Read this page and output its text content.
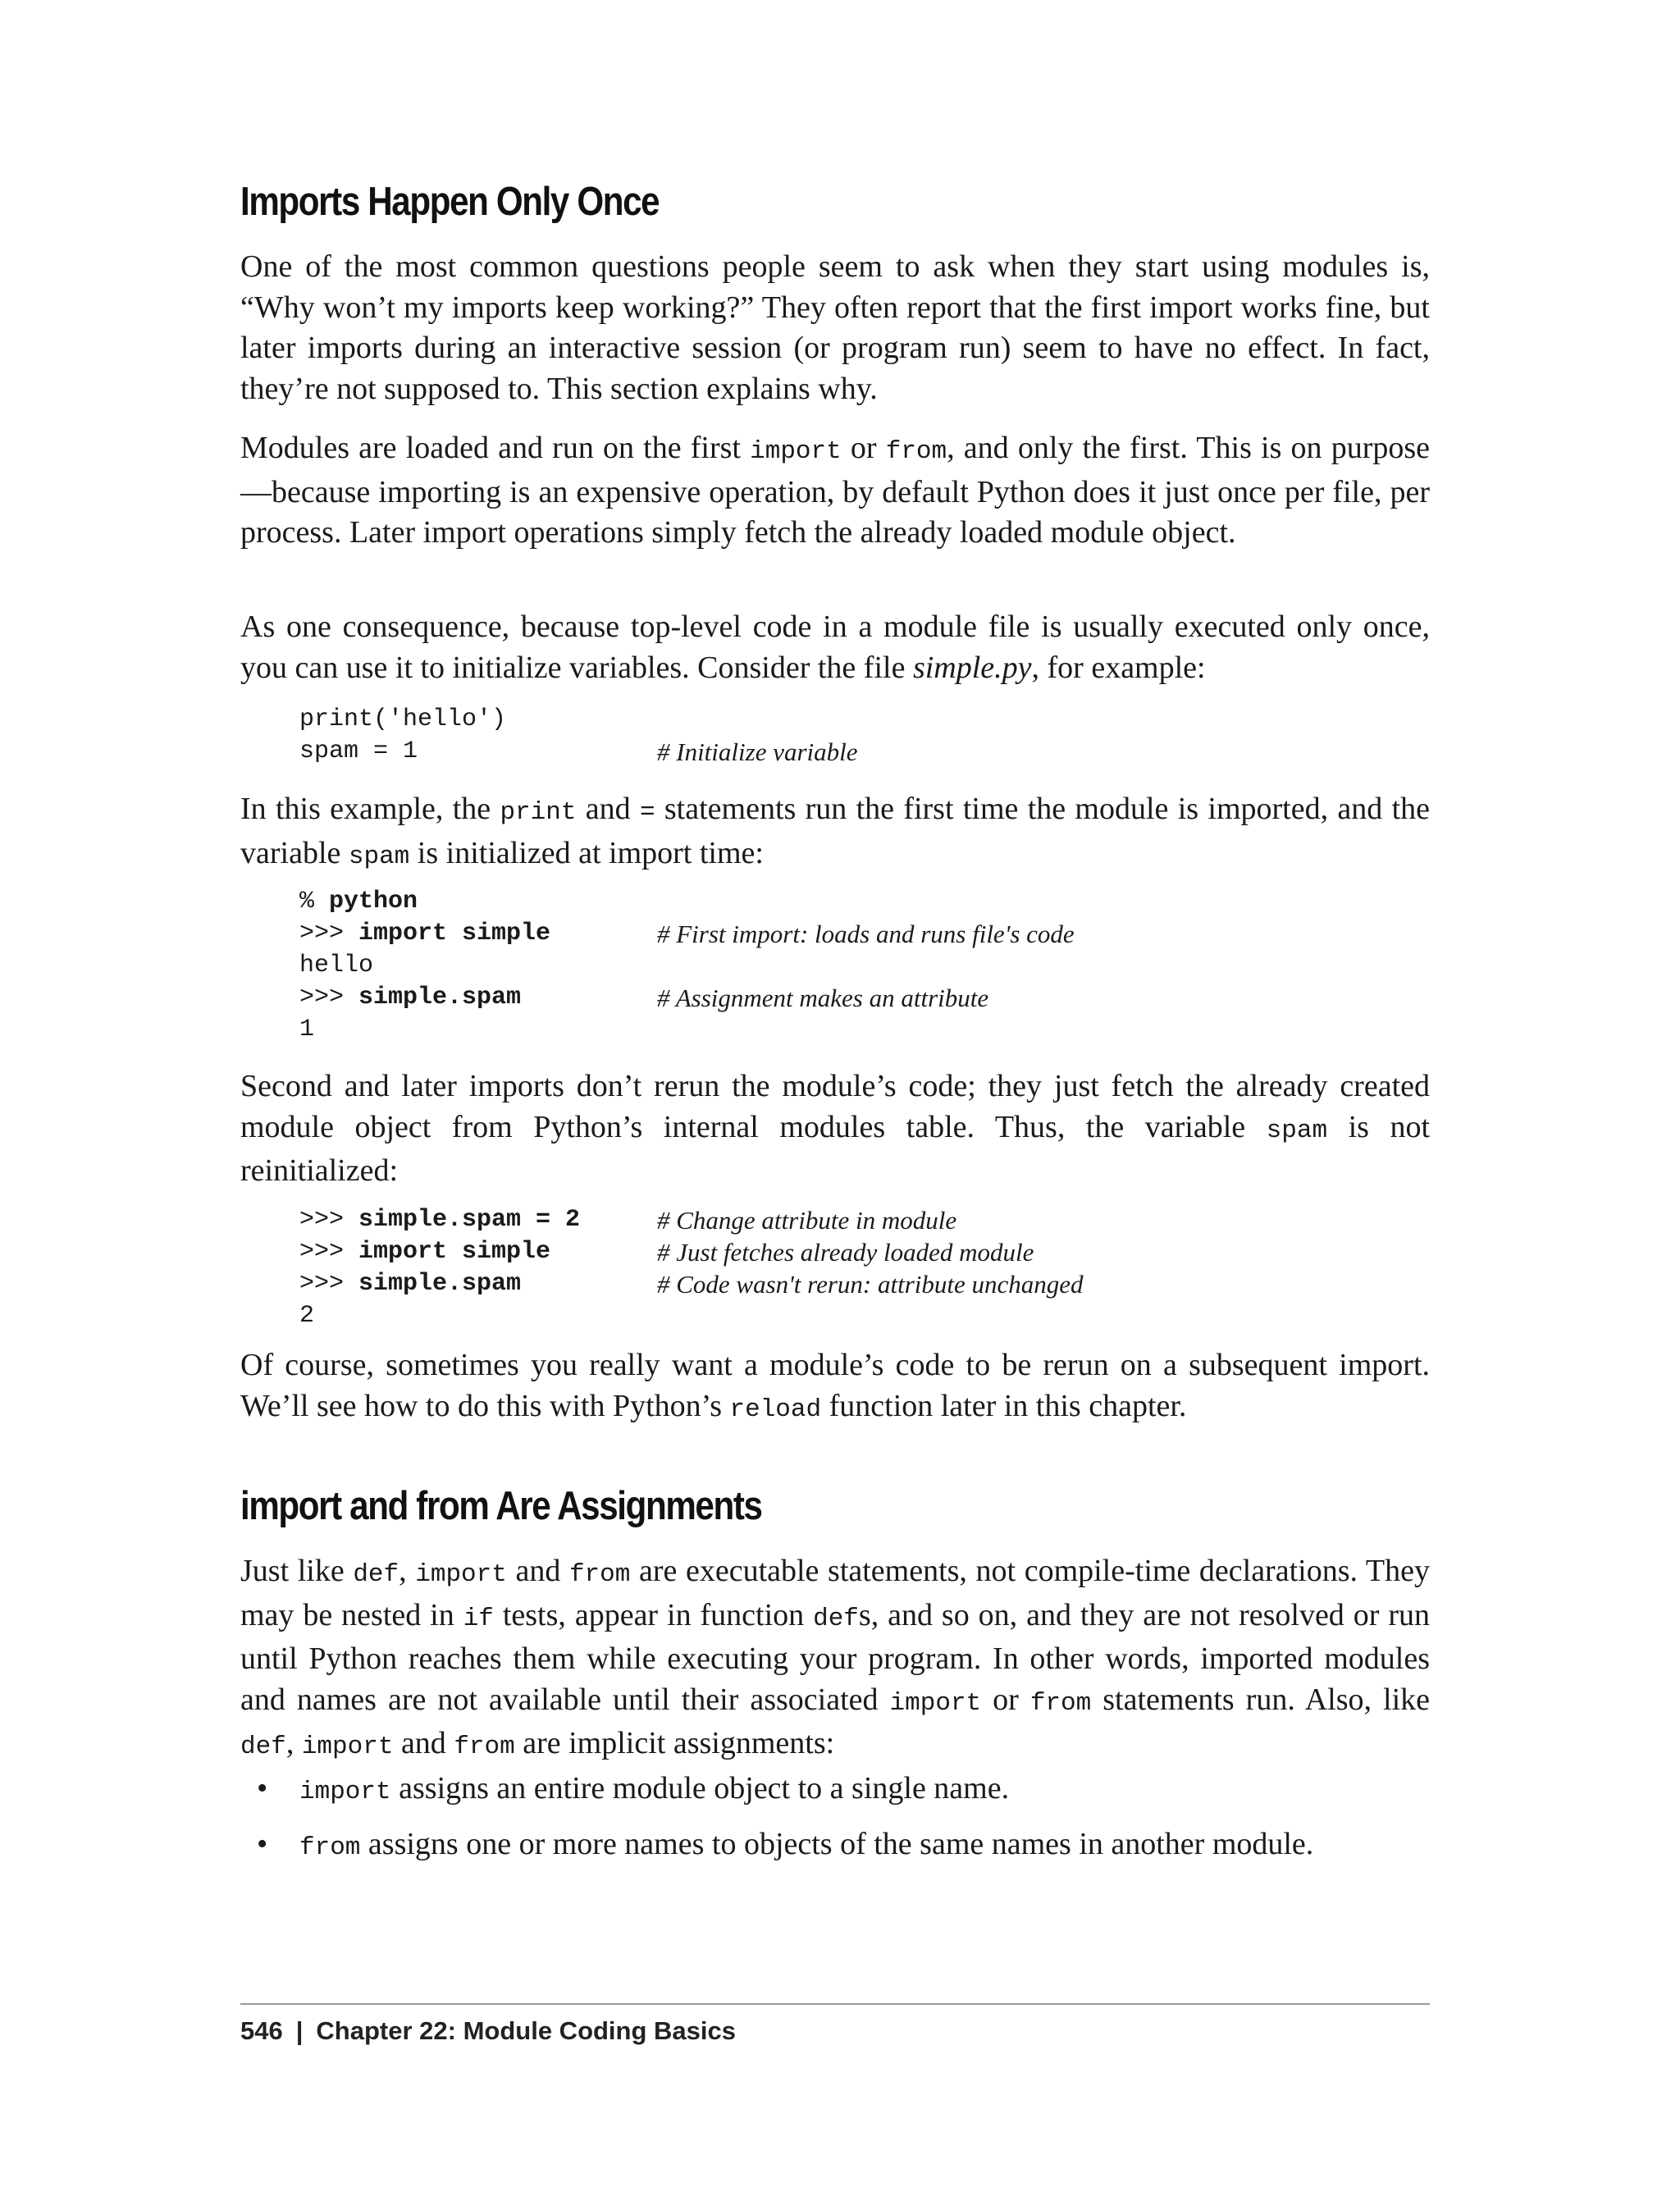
Imports Happen Only Once

One of the most common questions people seem to ask when they start using modules is, “Why won’t my imports keep working?” They often report that the first import works fine, but later imports during an interactive session (or program run) seem to have no effect. In fact, they’re not supposed to. This section explains why.

Modules are loaded and run on the first import or from, and only the first. This is on purpose—because importing is an expensive operation, by default Python does it just once per file, per process. Later import operations simply fetch the already loaded module object.

As one consequence, because top-level code in a module file is usually executed only once, you can use it to initialize variables. Consider the file simple.py, for example:

print('hello')
spam = 1	# Initialize variable

In this example, the print and = statements run the first time the module is imported, and the variable spam is initialized at import time:

% python
>>> import simple	# First import: loads and runs file's code
hello
>>> simple.spam	# Assignment makes an attribute
1

Second and later imports don’t rerun the module’s code; they just fetch the already created module object from Python’s internal modules table. Thus, the variable spam is not reinitialized:

>>> simple.spam = 2	# Change attribute in module
>>> import simple	# Just fetches already loaded module
>>> simple.spam	# Code wasn't rerun: attribute unchanged
2

Of course, sometimes you really want a module’s code to be rerun on a subsequent import. We’ll see how to do this with Python’s reload function later in this chapter.

import and from Are Assignments

Just like def, import and from are executable statements, not compile-time declarations. They may be nested in if tests, appear in function defs, and so on, and they are not resolved or run until Python reaches them while executing your program. In other words, imported modules and names are not available until their associated import or from statements run. Also, like def, import and from are implicit assignments:

• import assigns an entire module object to a single name.
• from assigns one or more names to objects of the same names in another module.
546 | Chapter 22: Module Coding Basics
